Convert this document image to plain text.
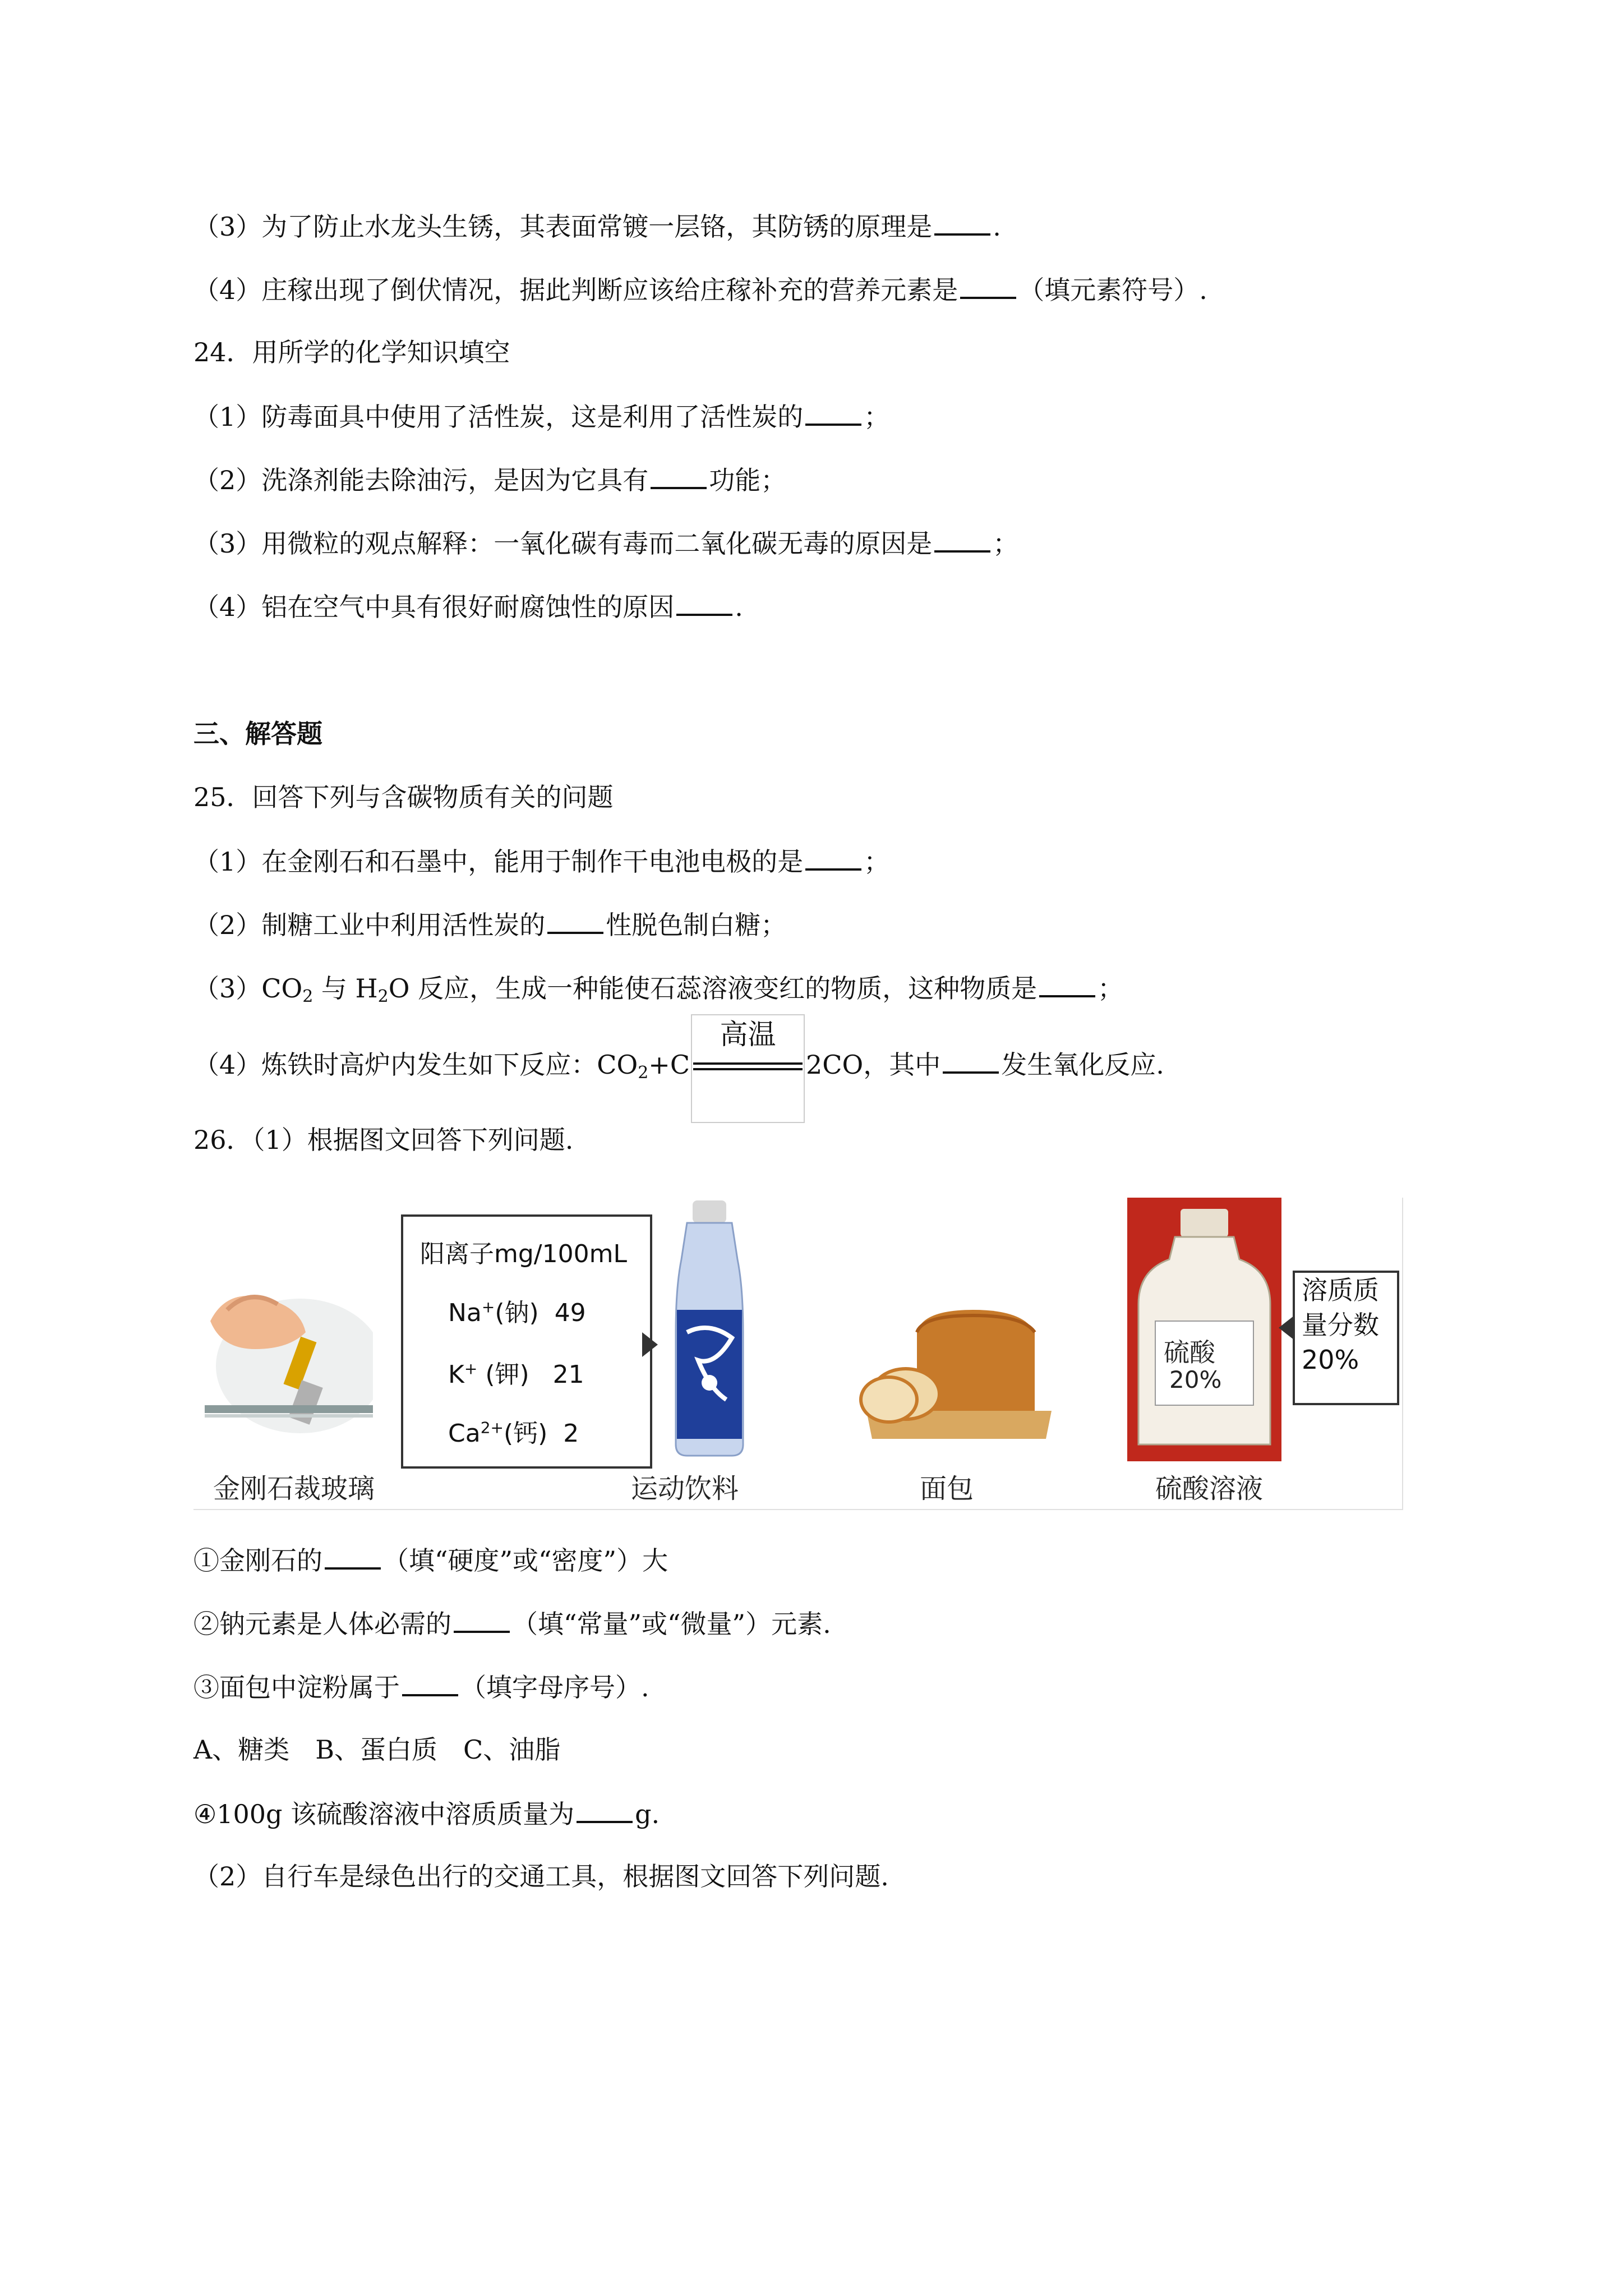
（3）为了防止水龙头生锈，其表面常镀一层铬，其防锈的原理是 .
（4）庄稼出现了倒伏情况，据此判断应该给庄稼补充的营养元素是 （填元素符号）.
24．用所学的化学知识填空
（1）防毒面具中使用了活性炭，这是利用了活性炭的 ；
（2）洗涤剂能去除油污，是因为它具有 功能；
（3）用微粒的观点解释：一氧化碳有毒而二氧化碳无毒的原因是 ；
（4）铝在空气中具有很好耐腐蚀性的原因 .
三、解答题
25．回答下列与含碳物质有关的问题
（1）在金刚石和石墨中，能用于制作干电池电极的是 ；
（2）制糖工业中利用活性炭的 性脱色制白糖；
$(3)CO_2$ 与 $H_2O$ 反应，生成一种能使石蕊溶液变红的物质，这种物质是 ；
（4）炼铁时高炉内发生如下反应：$CO_2+C$
高温
2CO，其中 发生氧化反应.
26．（1）根据图文回答下列问题.
阳离子mg/100mL
Na+(钠) 49
K+ (钾) 21
$Ca^{2+}$(钙) 2
硫酸
20%
溶质质
量分数
20%
金刚石裁玻璃	运动饮料	面包	硫酸溶液
①金刚石的 （填“硬度”或“密度”）大
②钠元素是人体必需的 （填“常量”或“微量”）元素.
③面包中淀粉属于 （填字母序号）.
A、糖类　B、蛋白质　C、油脂
④100g 该硫酸溶液中溶质质量为 g.
（2）自行车是绿色出行的交通工具，根据图文回答下列问题.
